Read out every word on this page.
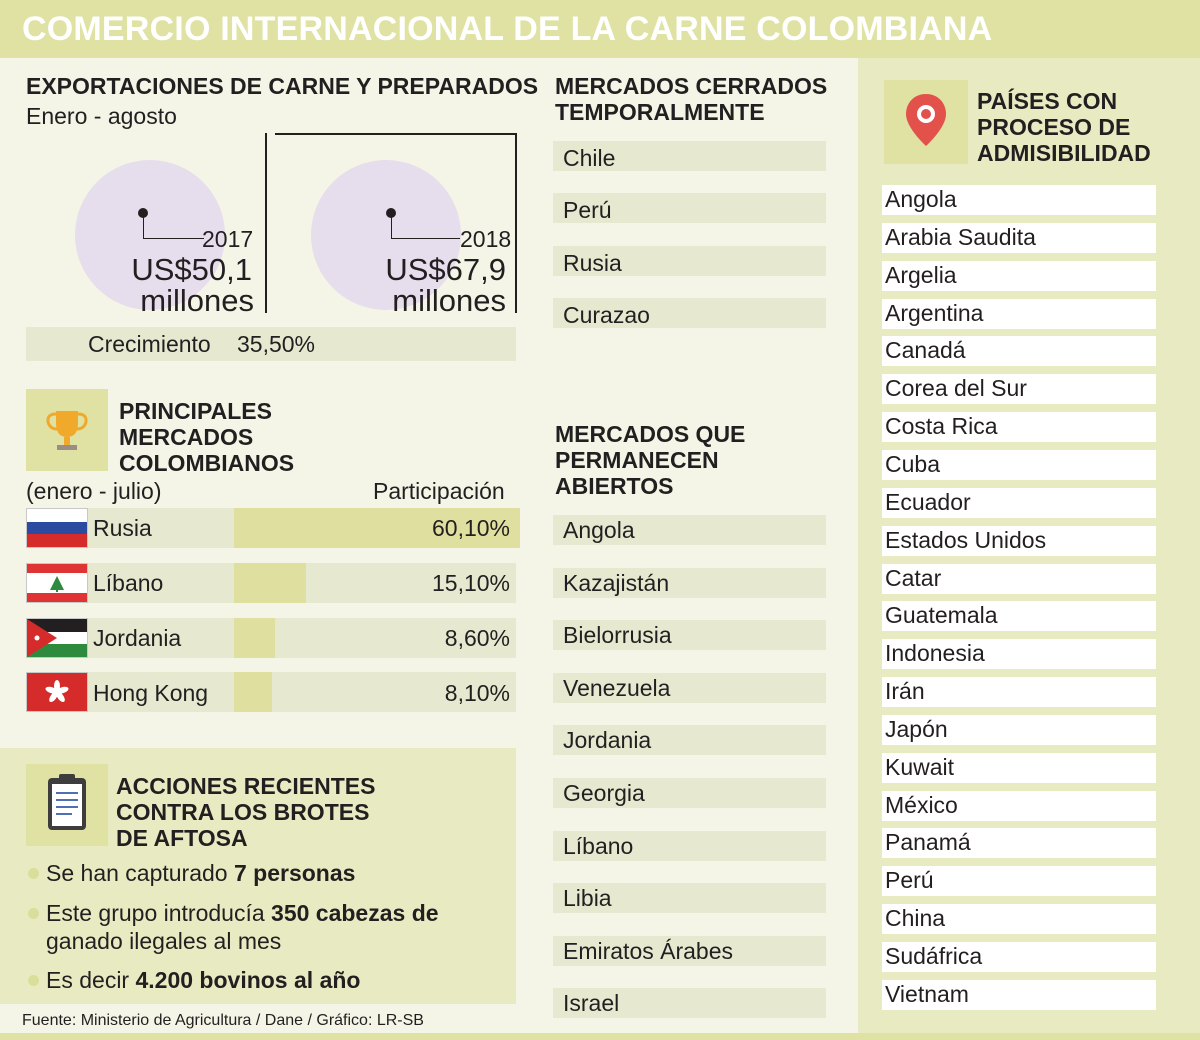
COMERCIO INTERNACIONAL DE LA CARNE COLOMBIANA
EXPORTACIONES DE CARNE Y PREPARADOS
Enero - agosto
2017
US$50,1
millones
2018
US$67,9
millones
Crecimiento 35,50%
PRINCIPALES
MERCADOS
COLOMBIANOS
(enero - julio)	Participación
Rusia	60,10%
Líbano	15,10%
Jordania	8,60%
Hong Kong	8,10%
ACCIONES RECIENTES
CONTRA LOS BROTES
DE AFTOSA
Se han capturado 7 personas
Este grupo introducía 350 cabezas de
ganado ilegales al mes
Es decir 4.200 bovinos al año
Fuente: Ministerio de Agricultura / Dane / Gráfico: LR-SB
MERCADOS CERRADOS
TEMPORALMENTE
Chile
Perú
Rusia
Curazao
MERCADOS QUE
PERMANECEN
ABIERTOS
Angola
Kazajistán
Bielorrusia
Venezuela
Jordania
Georgia
Líbano
Libia
Emiratos Árabes
Israel
PAÍSES CON
PROCESO DE
ADMISIBILIDAD
Angola
Arabia Saudita
Argelia
Argentina
Canadá
Corea del Sur
Costa Rica
Cuba
Ecuador
Estados Unidos
Catar
Guatemala
Indonesia
Irán
Japón
Kuwait
México
Panamá
Perú
China
Sudáfrica
Vietnam
